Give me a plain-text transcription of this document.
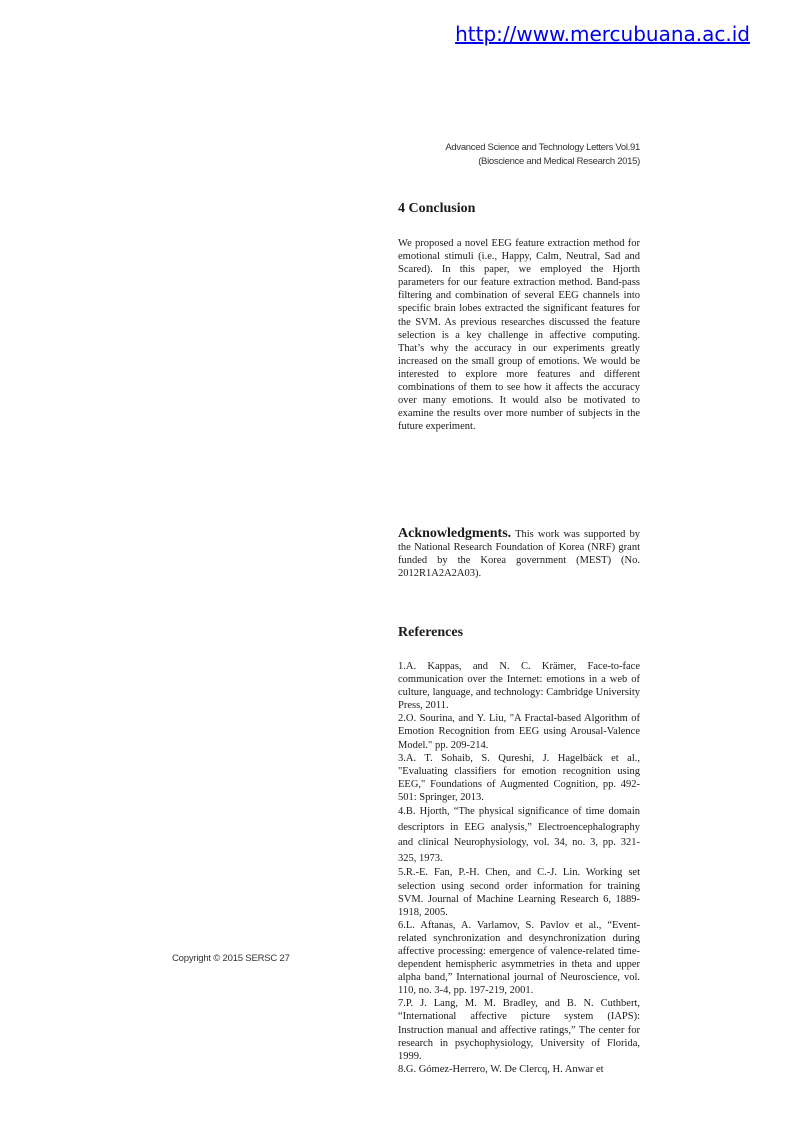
http://www.mercubuana.ac.id
Advanced Science and Technology Letters Vol.91
(Bioscience and Medical Research 2015)
4 Conclusion
We proposed a novel EEG feature extraction method for emotional stimuli (i.e., Happy, Calm, Neutral, Sad and Scared). In this paper, we employed the Hjorth parameters for our feature extraction method. Band-pass filtering and combination of several EEG channels into specific brain lobes extracted the significant features for the SVM. As previous researches discussed the feature selection is a key challenge in affective computing. That’s why the accuracy in our experiments greatly increased on the small group of emotions. We would be interested to explore more features and different combinations of them to see how it affects the accuracy over many emotions. It would also be motivated to examine the results over more number of subjects in the future experiment.
Acknowledgments. This work was supported by the National Research Foundation of Korea (NRF) grant funded by the Korea government (MEST) (No. 2012R1A2A2A03).
References

1.A. Kappas, and N. C. Krämer, Face-to-face communication over the Internet: emotions in a web of culture, language, and technology: Cambridge University Press, 2011.

2.O. Sourina, and Y. Liu, "A Fractal-based Algorithm of Emotion Recognition from EEG using Arousal-Valence Model." pp. 209-214.

3.A. T. Sohaib, S. Qureshi, J. Hagelbäck et al., "Evaluating classifiers for emotion recognition using EEG," Foundations of Augmented Cognition, pp. 492-501: Springer, 2013.

4.B. Hjorth, “The physical significance of time domain descriptors in EEG analysis,” Electroencephalography and clinical Neurophysiology, vol. 34, no. 3, pp. 321-325, 1973.

5.R.-E. Fan, P.-H. Chen, and C.-J. Lin. Working set selection using second order information for training SVM. Journal of Machine Learning Research 6, 1889-1918, 2005.

6.L. Aftanas, A. Varlamov, S. Pavlov et al., “Event-related synchronization and desynchronization during affective processing: emergence of valence-related time-dependent hemispheric asymmetries in theta and upper alpha band,” International journal of Neuroscience, vol. 110, no. 3-4, pp. 197-219, 2001.

7.P. J. Lang, M. M. Bradley, and B. N. Cuthbert, “International affective picture system (IAPS): Instruction manual and affective ratings,” The center for research in psychophysiology, University of Florida, 1999.

8.G. Gómez-Herrero, W. De Clercq, H. Anwar et

Copyright © 2015 SERSC 27
